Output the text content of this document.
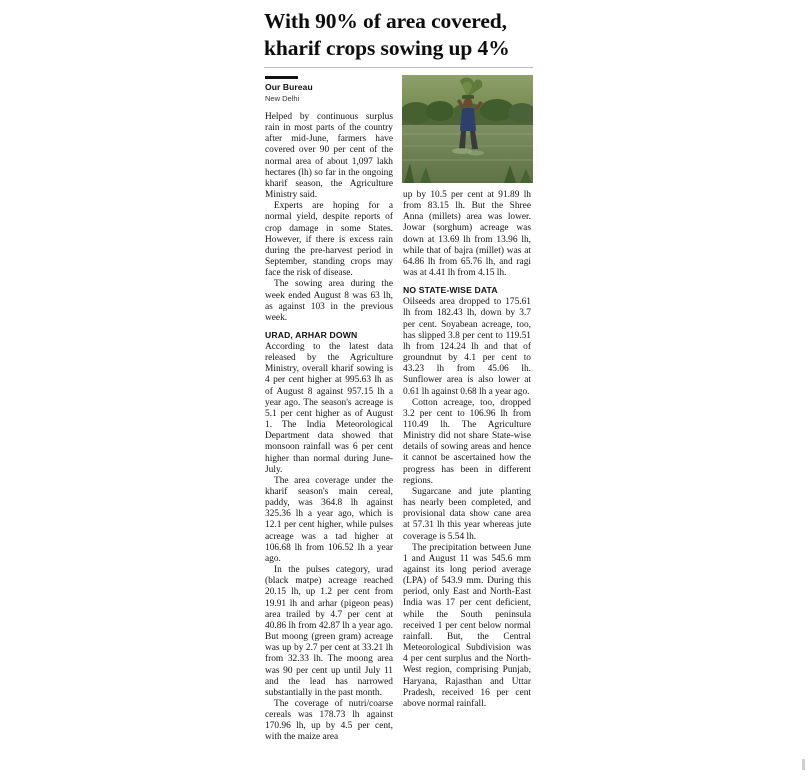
With 90% of area covered, kharif crops sowing up 4%
Our Bureau
New Delhi

Helped by continuous surplus rain in most parts of the country after mid-June, farmers have covered over 90 per cent of the normal area of about 1,097 lakh hectares (lh) so far in the ongoing kharif season, the Agriculture Ministry said.

Experts are hoping for a normal yield, despite reports of crop damage in some States. However, if there is excess rain during the pre-harvest period in September, standing crops may face the risk of disease.

The sowing area during the week ended August 8 was 63 lh, as against 103 in the previous week.

URAD, ARHAR DOWN

According to the latest data released by the Agriculture Ministry, overall kharif sowing is 4 per cent higher at 995.63 lh as of August 8 against 957.15 lh a year ago. The season's acreage is 5.1 per cent higher as of August 1. The India Meteorological Department data showed that monsoon rainfall was 6 per cent higher than normal during June-July.

The area coverage under the kharif season's main cereal, paddy, was 364.8 lh against 325.36 lh a year ago, which is 12.1 per cent higher, while pulses acreage was a tad higher at 106.68 lh from 106.52 lh a year ago.

In the pulses category, urad (black matpe) acreage reached 20.15 lh, up 1.2 per cent from 19.91 lh and arhar (pigeon peas) area trailed by 4.7 per cent at 40.86 lh from 42.87 lh a year ago. But moong (green gram) acreage was up by 2.7 per cent at 33.21 lh from 32.33 lh. The moong area was 90 per cent up until July 11 and the lead has narrowed substantially in the past month.

The coverage of nutri/coarse cereals was 178.73 lh against 170.96 lh, up by 4.5 per cent, with the maize area

up by 10.5 per cent at 91.89 lh from 83.15 lh. But the Shree Anna (millets) area was lower. Jowar (sorghum) acreage was down at 13.69 lh from 13.96 lh, while that of bajra (millet) was at 64.86 lh from 65.76 lh, and ragi was at 4.41 lh from 4.15 lh.

NO STATE-WISE DATA

Oilseeds area dropped to 175.61 lh from 182.43 lh, down by 3.7 per cent. Soyabean acreage, too, has slipped 3.8 per cent to 119.51 lh from 124.24 lh and that of groundnut by 4.1 per cent to 43.23 lh from 45.06 lh. Sunflower area is also lower at 0.61 lh against 0.68 lh a year ago.

Cotton acreage, too, dropped 3.2 per cent to 106.96 lh from 110.49 lh. The Agriculture Ministry did not share State-wise details of sowing areas and hence it cannot be ascertained how the progress has been in different regions.

Sugarcane and jute planting has nearly been completed, and provisional data show cane area at 57.31 lh this year whereas jute coverage is 5.54 lh.

The precipitation between June 1 and August 11 was 545.6 mm against its long period average (LPA) of 543.9 mm. During this period, only East and North-East India was 17 per cent deficient, while the South peninsula received 1 per cent below normal rainfall. But, the Central Meteorological Subdivision was 4 per cent surplus and the North-West region, comprising Punjab, Haryana, Rajasthan and Uttar Pradesh, received 16 per cent above normal rainfall.
